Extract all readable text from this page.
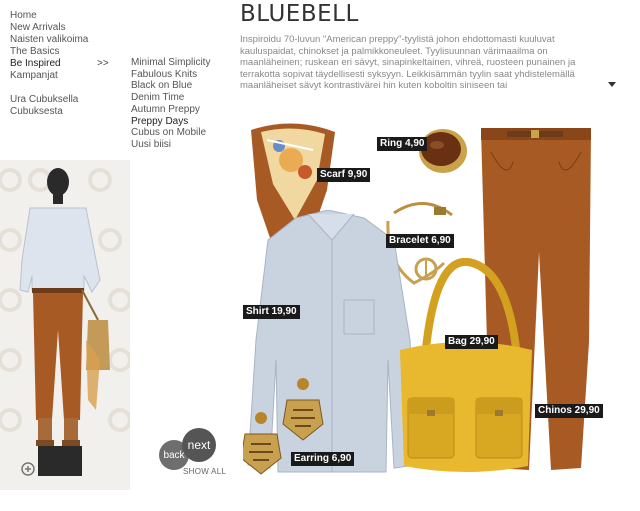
Home
New Arrivals
Naisten valikoima
The Basics
Be Inspired
Kampanjat
Ura Cubuksella
Cubuksesta
>> Minimal Simplicity
Fabulous Knits
Black on Blue
Denim Time
Autumn Preppy
Preppy Days
Cubus on Mobile
Uusi biisi
BLUEBELL
Inspiroidu 70-luvun "American preppy"-tyylistä johon ehdottomasti kuuluvat kauluspaidat, chinokset ja palmikkoneuleet. Tyylisuunnan värimaailma on maanläheinen; ruskean eri sävyt, sinapinkeltainen, vihreä, ruosteen punainen ja terrakotta sopivat täydellisesti syksyyn. Leikkisämmän tyylin saat yhdistelemällä maanläheiset sävyt kontrastivärei hin kuten koboltin siniseen tai
Scarf 9,90
Ring 4,90
Bracelet 6,90
Shirt 19,90
Bag 29,90
Chinos 29,90
Earring 6,90
back
next
SHOW ALL
